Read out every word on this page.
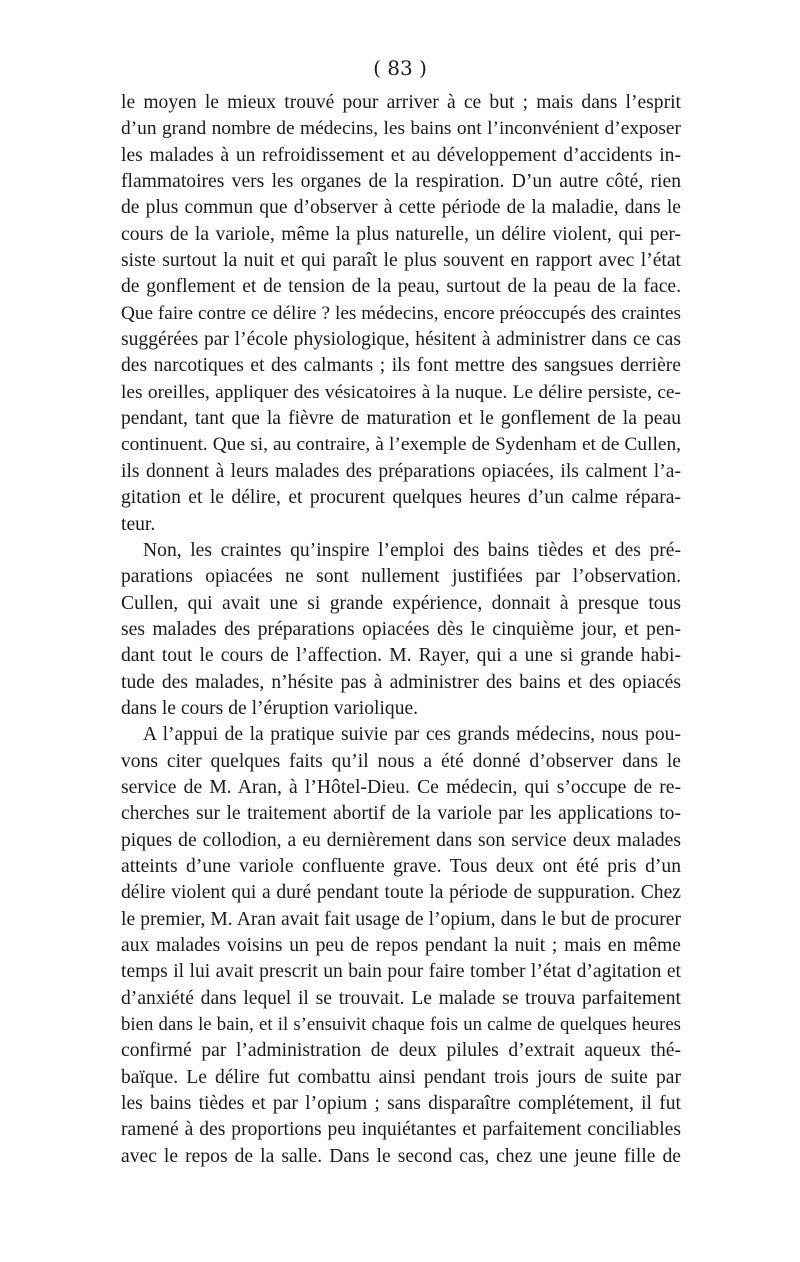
( 83 )
le moyen le mieux trouvé pour arriver à ce but ; mais dans l’esprit
d’un grand nombre de médecins, les bains ont l’inconvénient d’exposer
les malades à un refroidissement et au développement d’accidents in-
flammatoires vers les organes de la respiration. D’un autre côté, rien
de plus commun que d’observer à cette période de la maladie, dans le
cours de la variole, même la plus naturelle, un délire violent, qui per-
siste surtout la nuit et qui paraît le plus souvent en rapport avec l’état
de gonflement et de tension de la peau, surtout de la peau de la face.
Que faire contre ce délire ? les médecins, encore préoccupés des craintes
suggérées par l’école physiologique, hésitent à administrer dans ce cas
des narcotiques et des calmants ; ils font mettre des sangsues derrière
les oreilles, appliquer des vésicatoires à la nuque. Le délire persiste, ce-
pendant, tant que la fièvre de maturation et le gonflement de la peau
continuent. Que si, au contraire, à l’exemple de Sydenham et de Cullen,
ils donnent à leurs malades des préparations opiacées, ils calment l’a-
gitation et le délire, et procurent quelques heures d’un calme répara-
teur.
Non, les craintes qu’inspire l’emploi des bains tièdes et des pré-
parations opiacées ne sont nullement justifiées par l’observation.
Cullen, qui avait une si grande expérience, donnait à presque tous
ses malades des préparations opiacées dès le cinquième jour, et pen-
dant tout le cours de l’affection. M. Rayer, qui a une si grande habi-
tude des malades, n’hésite pas à administrer des bains et des opiacés
dans le cours de l’éruption variolique.
A l’appui de la pratique suivie par ces grands médecins, nous pou-
vons citer quelques faits qu’il nous a été donné d’observer dans le
service de M. Aran, à l’Hôtel-Dieu. Ce médecin, qui s’occupe de re-
cherches sur le traitement abortif de la variole par les applications to-
piques de collodion, a eu dernièrement dans son service deux malades
atteints d’une variole confluente grave. Tous deux ont été pris d’un
délire violent qui a duré pendant toute la période de suppuration. Chez
le premier, M. Aran avait fait usage de l’opium, dans le but de procurer
aux malades voisins un peu de repos pendant la nuit ; mais en même
temps il lui avait prescrit un bain pour faire tomber l’état d’agitation et
d’anxiété dans lequel il se trouvait. Le malade se trouva parfaitement
bien dans le bain, et il s’ensuivit chaque fois un calme de quelques heures
confirmé par l’administration de deux pilules d’extrait aqueux thé-
baïque. Le délire fut combattu ainsi pendant trois jours de suite par
les bains tièdes et par l’opium ; sans disparaître complétement, il fut
ramené à des proportions peu inquiétantes et parfaitement conciliables
avec le repos de la salle. Dans le second cas, chez une jeune fille de
